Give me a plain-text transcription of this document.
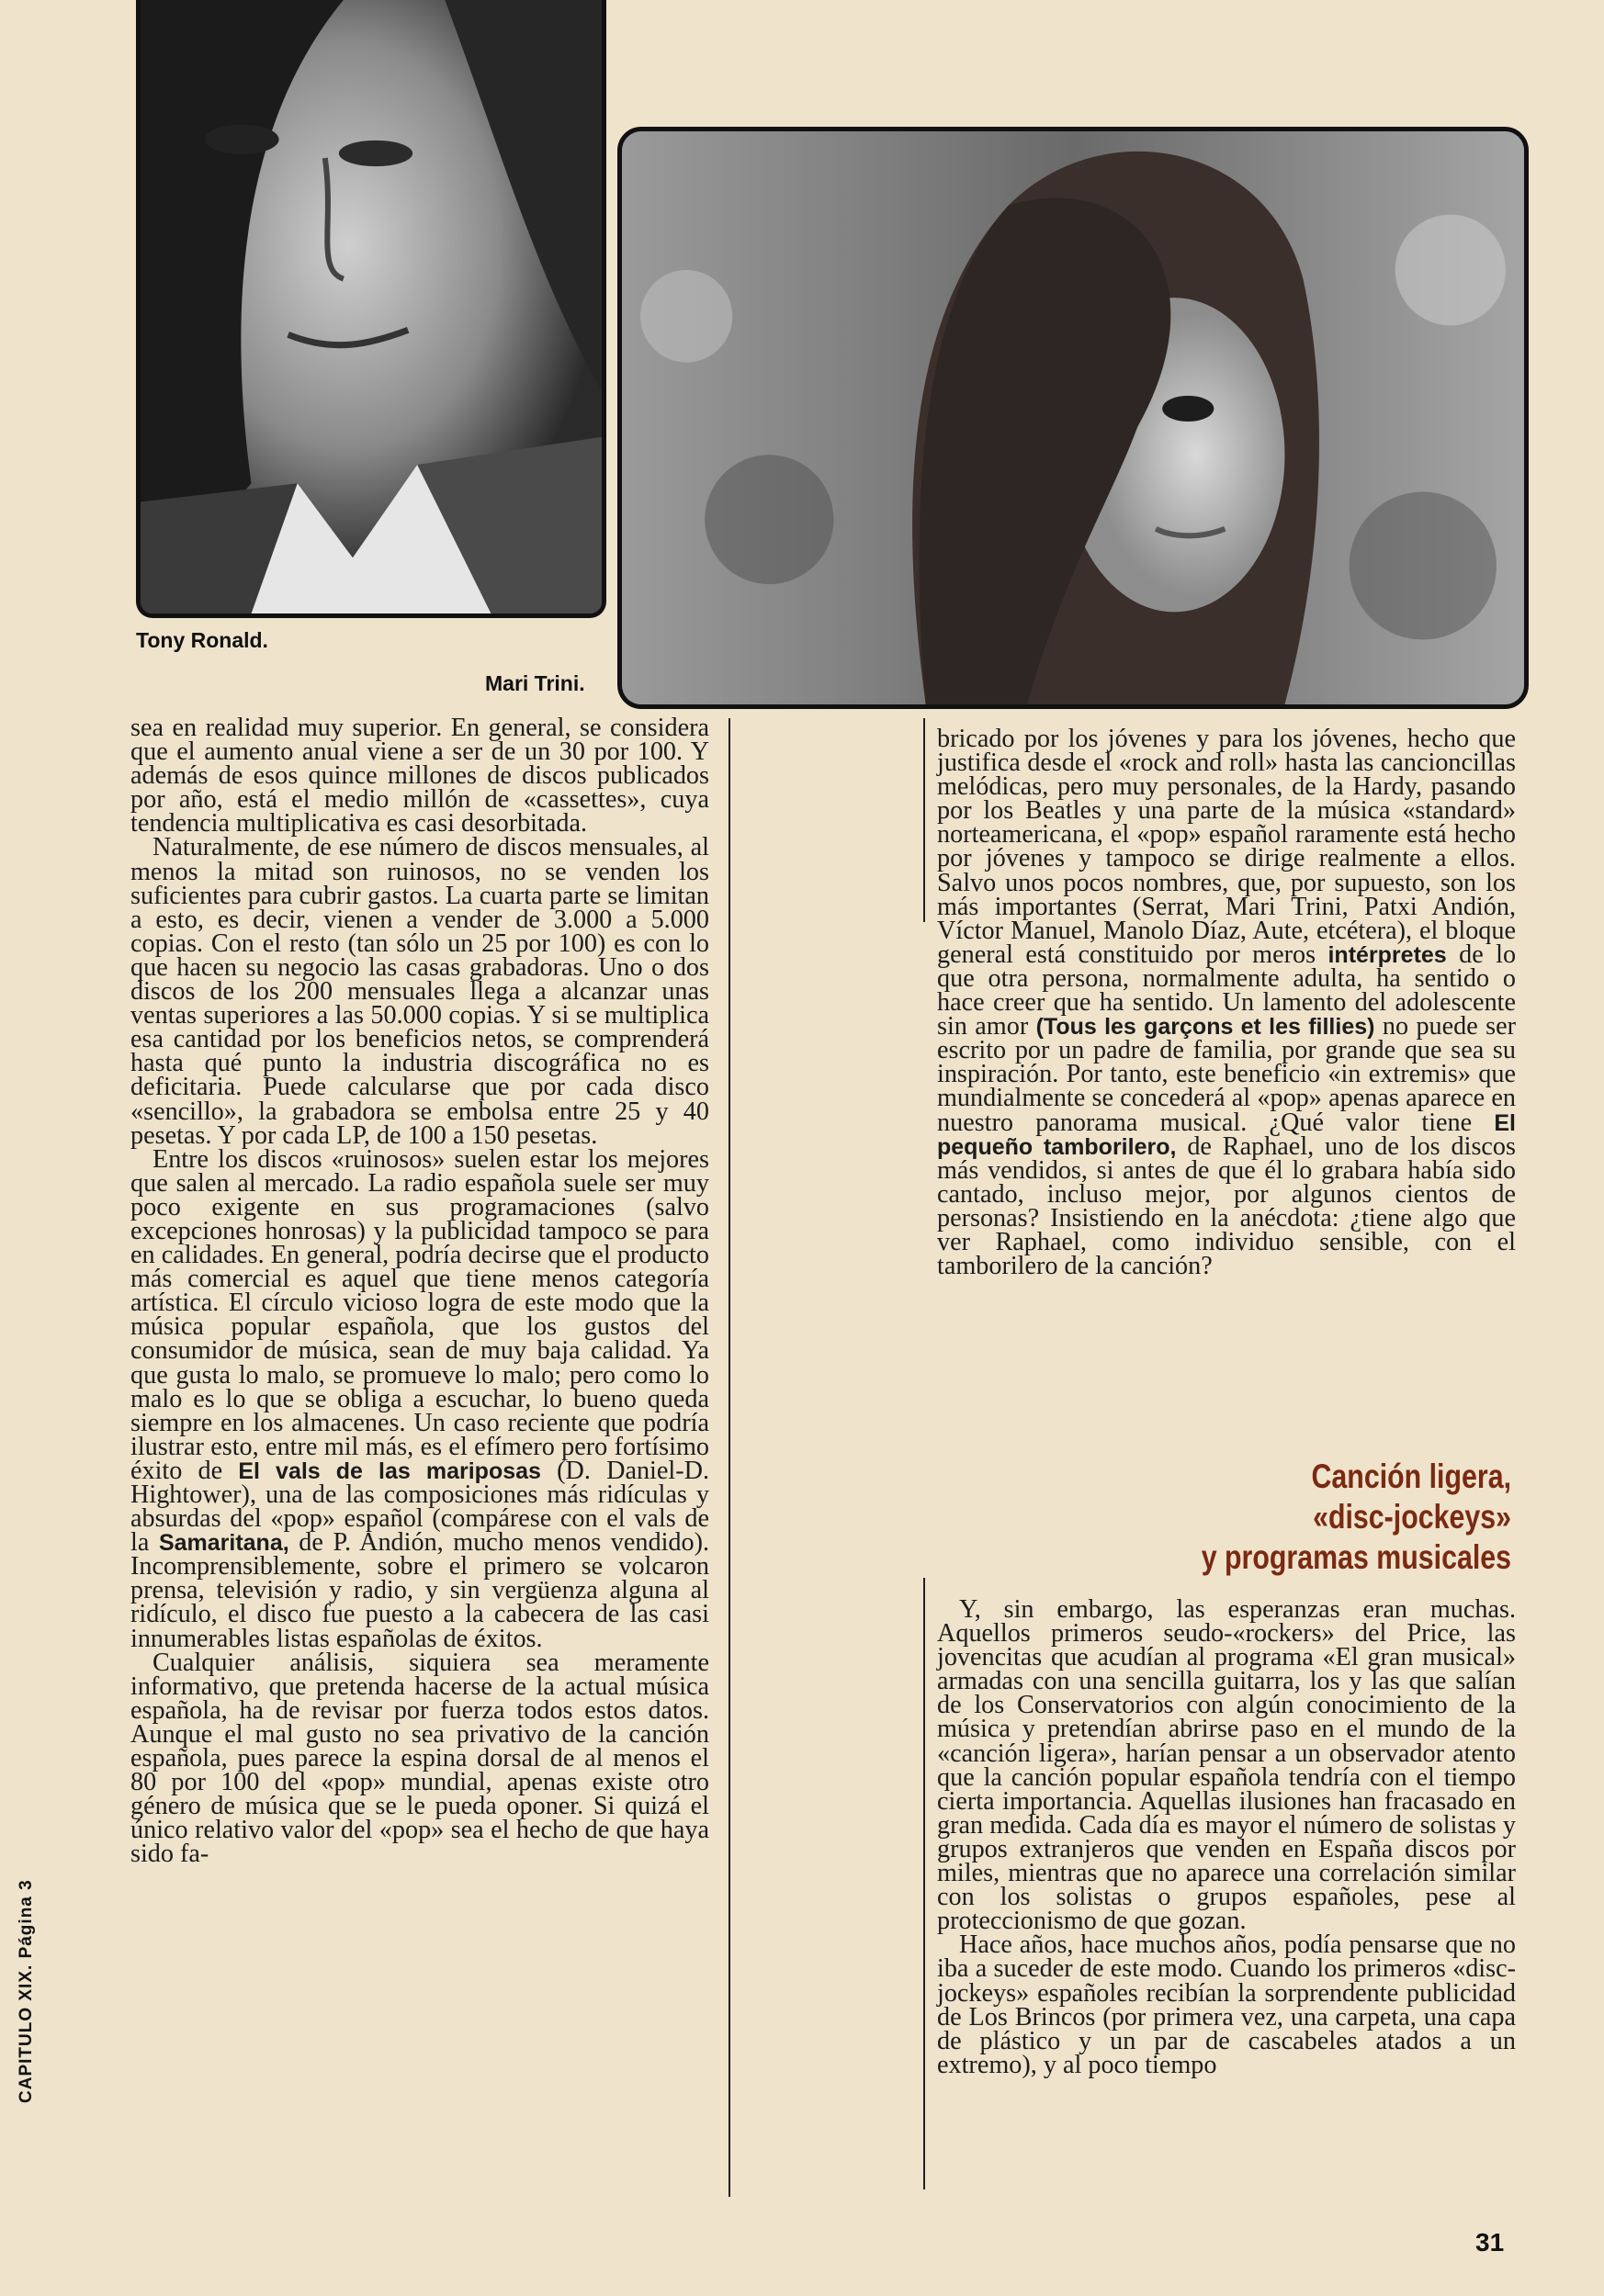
Tony Ronald.
Mari Trini.

sea en realidad muy superior. En general, se considera que el aumento anual viene a ser de un 30 por 100. Y además de esos quince millones de discos publicados por año, está el medio millón de «cassettes», cuya tendencia multiplicativa es casi desorbitada.

Naturalmente, de ese número de discos mensuales, al menos la mitad son ruinosos, no se venden los suficientes para cubrir gastos. La cuarta parte se limitan a esto, es decir, vienen a vender de 3.000 a 5.000 copias. Con el resto (tan sólo un 25 por 100) es con lo que hacen su negocio las casas grabadoras. Uno o dos discos de los 200 mensuales llega a alcanzar unas ventas superiores a las 50.000 copias. Y si se multiplica esa cantidad por los beneficios netos, se comprenderá hasta qué punto la industria discográfica no es deficitaria. Puede calcularse que por cada disco «sencillo», la grabadora se embolsa entre 25 y 40 pesetas. Y por cada LP, de 100 a 150 pesetas.

Entre los discos «ruinosos» suelen estar los mejores que salen al mercado. La radio española suele ser muy poco exigente en sus programaciones (salvo excepciones honrosas) y la publicidad tampoco se para en calidades. En general, podría decirse que el producto más comercial es aquel que tiene menos categoría artística. El círculo vicioso logra de este modo que la música popular española, que los gustos del consumidor de música, sean de muy baja calidad. Ya que gusta lo malo, se promueve lo malo; pero como lo malo es lo que se obliga a escuchar, lo bueno queda siempre en los almacenes. Un caso reciente que podría ilustrar esto, entre mil más, es el efímero pero fortísimo éxito de El vals de las mariposas (D. Daniel-D. Hightower), una de las composiciones más ridículas y absurdas del «pop» español (compárese con el vals de la Samaritana, de P. Andión, mucho menos vendido). Incomprensiblemente, sobre el primero se volcaron prensa, televisión y radio, y sin vergüenza alguna al ridículo, el disco fue puesto a la cabecera de las casi innumerables listas españolas de éxitos.

Cualquier análisis, siquiera sea meramente informativo, que pretenda hacerse de la actual música española, ha de revisar por fuerza todos estos datos. Aunque el mal gusto no sea privativo de la canción española, pues parece la espina dorsal de al menos el 80 por 100 del «pop» mundial, apenas existe otro género de música que se le pueda oponer. Si quizá el único relativo valor del «pop» sea el hecho de que haya sido fa-

bricado por los jóvenes y para los jóvenes, hecho que justifica desde el «rock and roll» hasta las cancioncillas melódicas, pero muy personales, de la Hardy, pasando por los Beatles y una parte de la música «standard» norteamericana, el «pop» español raramente está hecho por jóvenes y tampoco se dirige realmente a ellos. Salvo unos pocos nombres, que, por supuesto, son los más importantes (Serrat, Mari Trini, Patxi Andión, Víctor Manuel, Manolo Díaz, Aute, etcétera), el bloque general está constituido por meros intérpretes de lo que otra persona, normalmente adulta, ha sentido o hace creer que ha sentido. Un lamento del adolescente sin amor (Tous les garçons et les fillies) no puede ser escrito por un padre de familia, por grande que sea su inspiración. Por tanto, este beneficio «in extremis» que mundialmente se concederá al «pop» apenas aparece en nuestro panorama musical. ¿Qué valor tiene El pequeño tamborilero, de Raphael, uno de los discos más vendidos, si antes de que él lo grabara había sido cantado, incluso mejor, por algunos cientos de personas? Insistiendo en la anécdota: ¿tiene algo que ver Raphael, como individuo sensible, con el tamborilero de la canción?

Canción ligera,
«disc-jockeys»
y programas musicales

Y, sin embargo, las esperanzas eran muchas. Aquellos primeros seudo-«rockers» del Price, las jovencitas que acudían al programa «El gran musical» armadas con una sencilla guitarra, los y las que salían de los Conservatorios con algún conocimiento de la música y pretendían abrirse paso en el mundo de la «canción ligera», harían pensar a un observador atento que la canción popular española tendría con el tiempo cierta importancia. Aquellas ilusiones han fracasado en gran medida. Cada día es mayor el número de solistas y grupos extranjeros que venden en España discos por miles, mientras que no aparece una correlación similar con los solistas o grupos españoles, pese al proteccionismo de que gozan.

Hace años, hace muchos años, podía pensarse que no iba a suceder de este modo. Cuando los primeros «disc-jockeys» españoles recibían la sorprendente publicidad de Los Brincos (por primera vez, una carpeta, una capa de plástico y un par de cascabeles atados a un extremo), y al poco tiempo

CAPITULO XIX. Página 3
31
